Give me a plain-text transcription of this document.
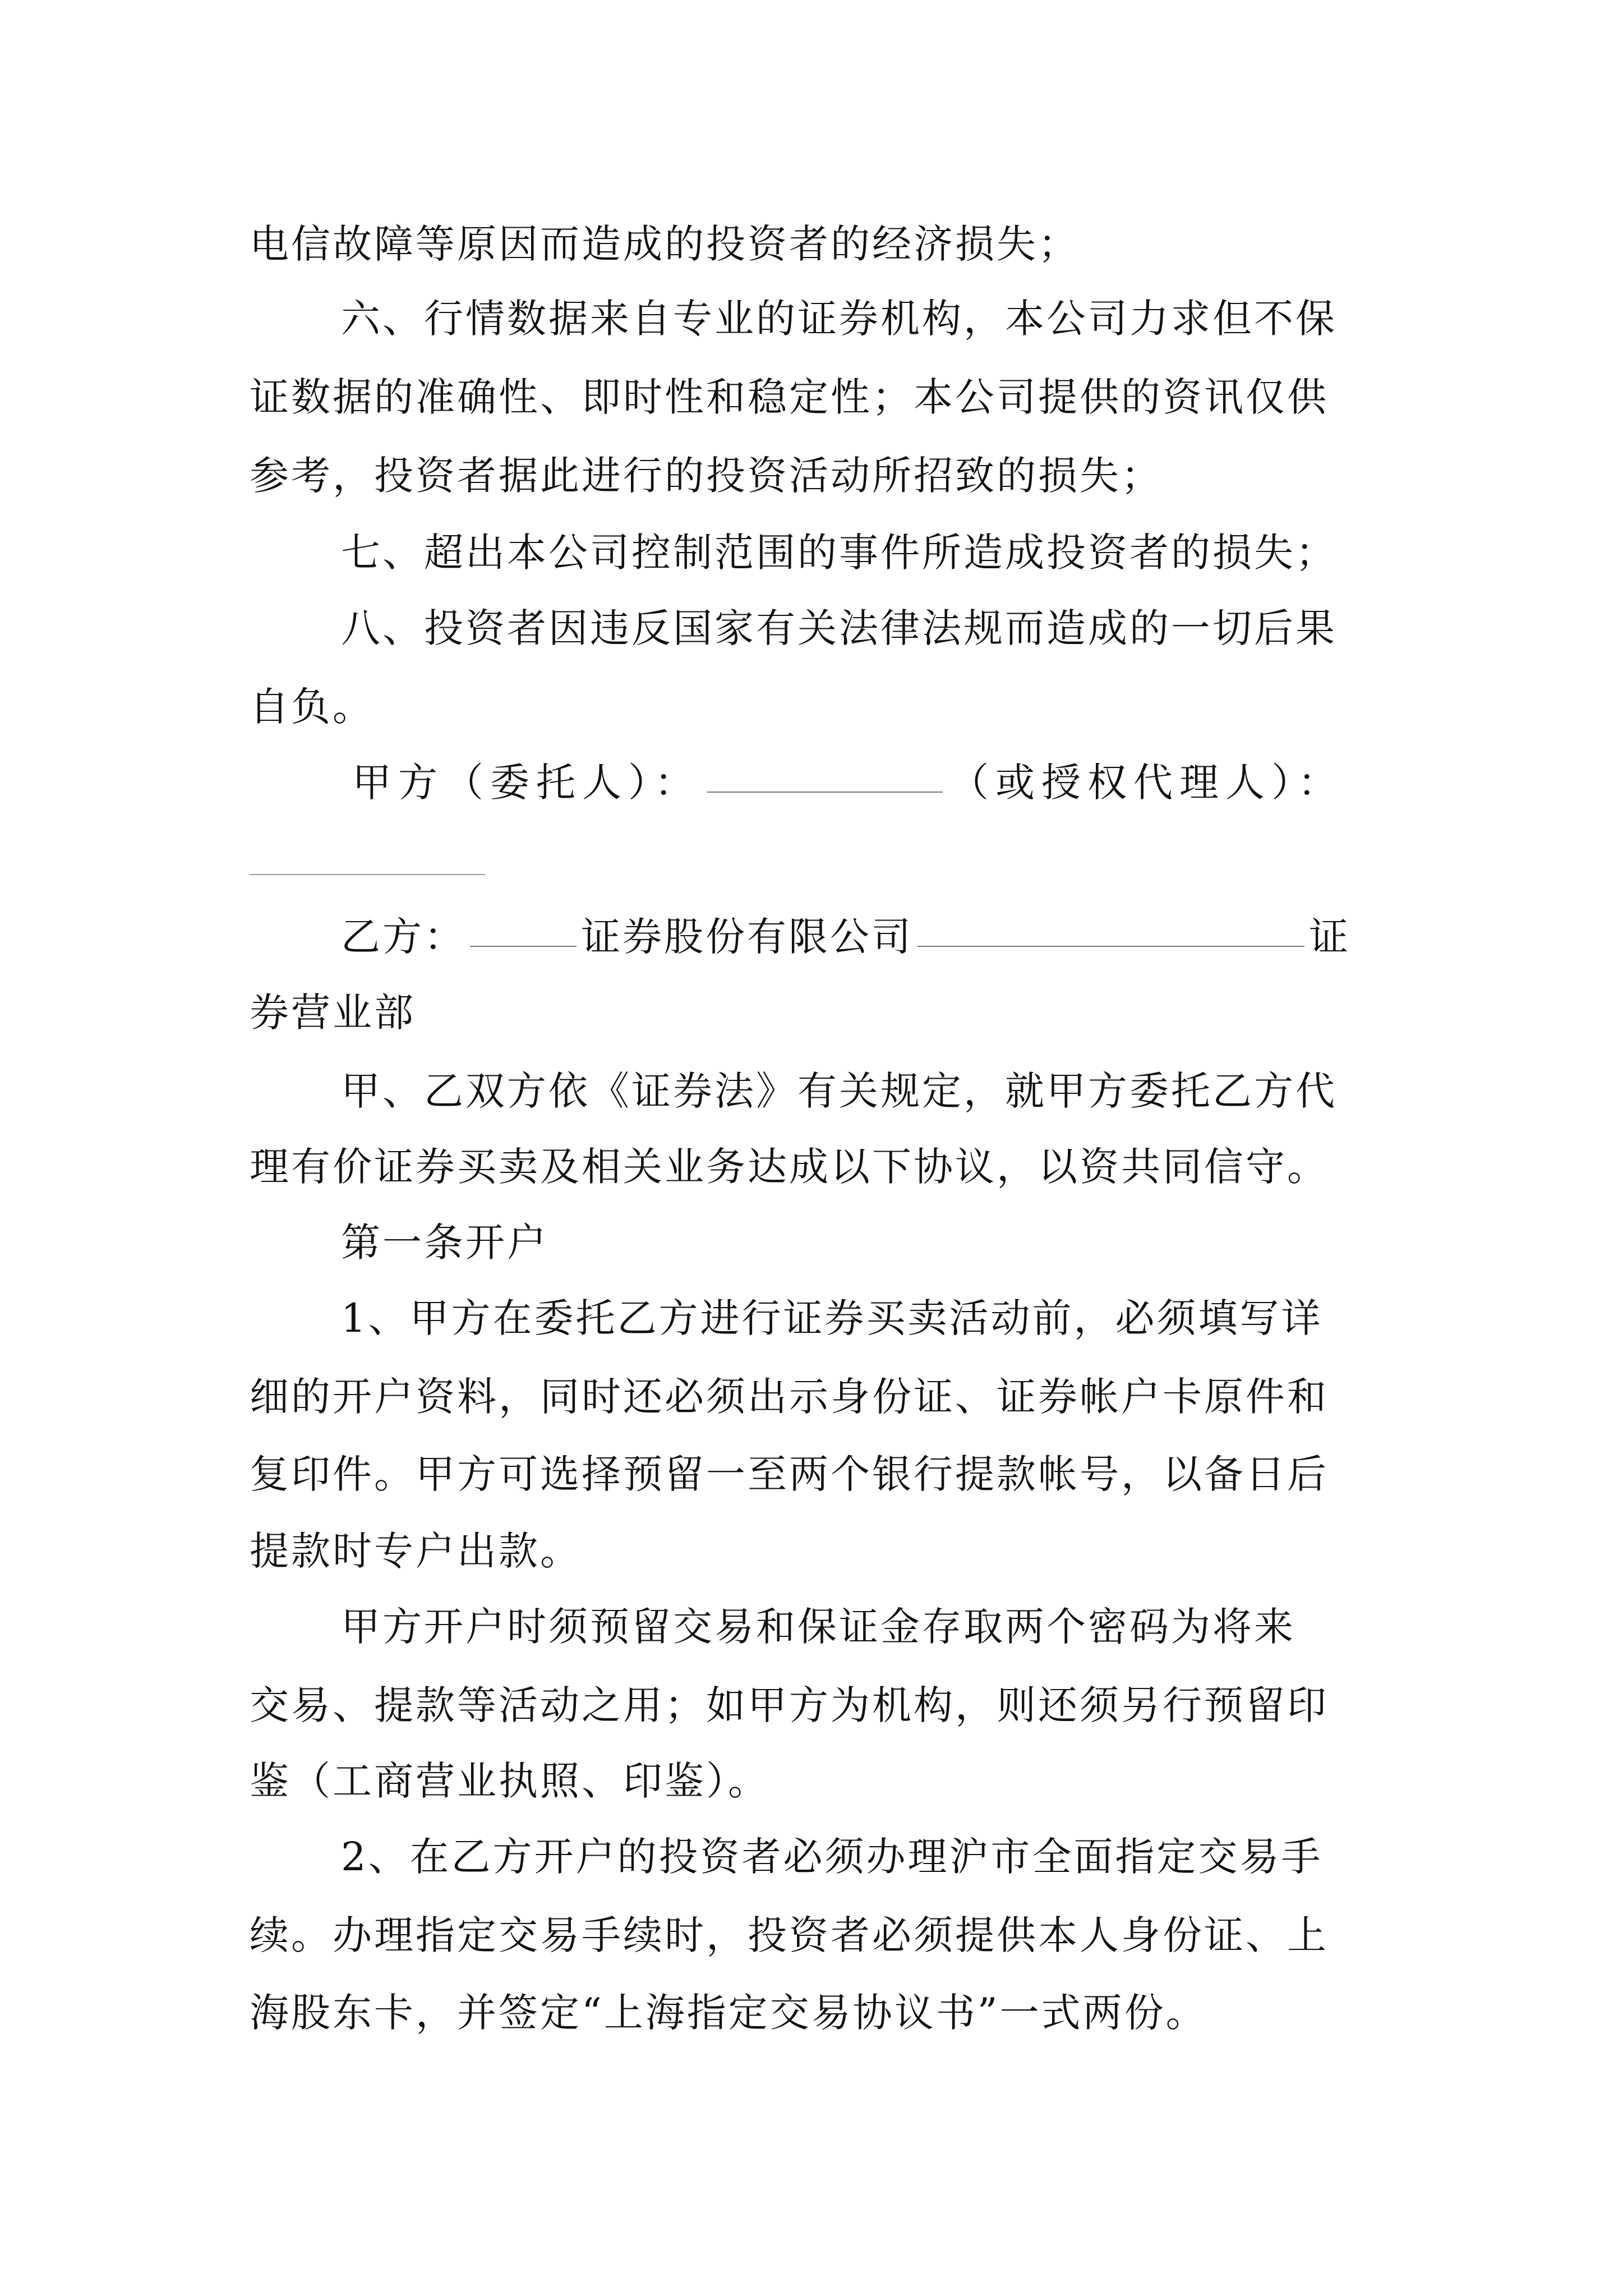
电信故障等原因而造成的投资者的经济损失；
六、行情数据来自专业的证券机构，本公司力求但不保
证数据的准确性、即时性和稳定性；本公司提供的资讯仅供
参考，投资者据此进行的投资活动所招致的损失；
七、超出本公司控制范围的事件所造成投资者的损失；
八、投资者因违反国家有关法律法规而造成的一切后果
自负。
甲方（委托人）：	（或授权代理人）：
乙方：	证券股份有限公司	证
券营业部
甲、乙双方依《证券法》有关规定，就甲方委托乙方代
理有价证券买卖及相关业务达成以下协议，以资共同信守。
第一条开户
1、甲方在委托乙方进行证券买卖活动前，必须填写详
细的开户资料，同时还必须出示身份证、证券帐户卡原件和
复印件。甲方可选择预留一至两个银行提款帐号，以备日后
提款时专户出款。
甲方开户时须预留交易和保证金存取两个密码为将来
交易、提款等活动之用；如甲方为机构，则还须另行预留印
鉴（工商营业执照、印鉴）。
2、在乙方开户的投资者必须办理沪市全面指定交易手
续。办理指定交易手续时，投资者必须提供本人身份证、上
海股东卡，并签定“上海指定交易协议书”一式两份。
